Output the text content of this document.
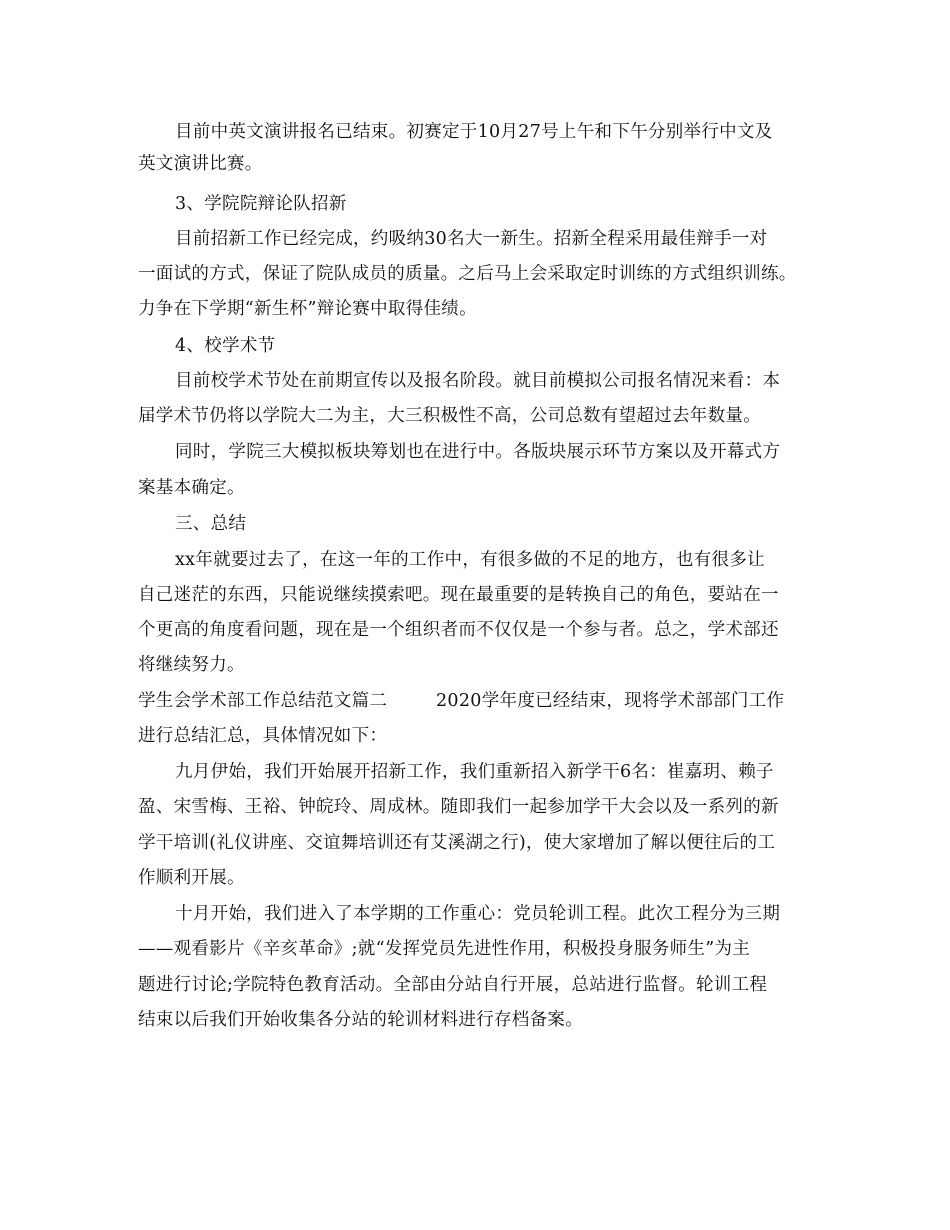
目前中英文演讲报名已结束。初赛定于10月27号上午和下午分别举行中文及
英文演讲比赛。
3、学院院辩论队招新
目前招新工作已经完成，约吸纳30名大一新生。招新全程采用最佳辩手一对
一面试的方式，保证了院队成员的质量。之后马上会采取定时训练的方式组织训练。
力争在下学期“新生杯”辩论赛中取得佳绩。
4、校学术节
目前校学术节处在前期宣传以及报名阶段。就目前模拟公司报名情况来看：本
届学术节仍将以学院大二为主，大三积极性不高，公司总数有望超过去年数量。
同时，学院三大模拟板块筹划也在进行中。各版块展示环节方案以及开幕式方
案基本确定。
三、总结
xx年就要过去了，在这一年的工作中，有很多做的不足的地方，也有很多让
自己迷茫的东西，只能说继续摸索吧。现在最重要的是转换自己的角色，要站在一
个更高的角度看问题，现在是一个组织者而不仅仅是一个参与者。总之，学术部还
将继续努力。
学生会学术部工作总结范文篇二	2020学年度已经结束，现将学术部部门工作
进行总结汇总，具体情况如下：
九月伊始，我们开始展开招新工作，我们重新招入新学干6名：崔嘉玥、赖子
盈、宋雪梅、王裕、钟皖玲、周成林。随即我们一起参加学干大会以及一系列的新
学干培训(礼仪讲座、交谊舞培训还有艾溪湖之行)，使大家增加了解以便往后的工
作顺利开展。
十月开始，我们进入了本学期的工作重心：党员轮训工程。此次工程分为三期
——观看影片《辛亥革命》;就“发挥党员先进性作用，积极投身服务师生”为主
题进行讨论;学院特色教育活动。全部由分站自行开展，总站进行监督。轮训工程
结束以后我们开始收集各分站的轮训材料进行存档备案。
